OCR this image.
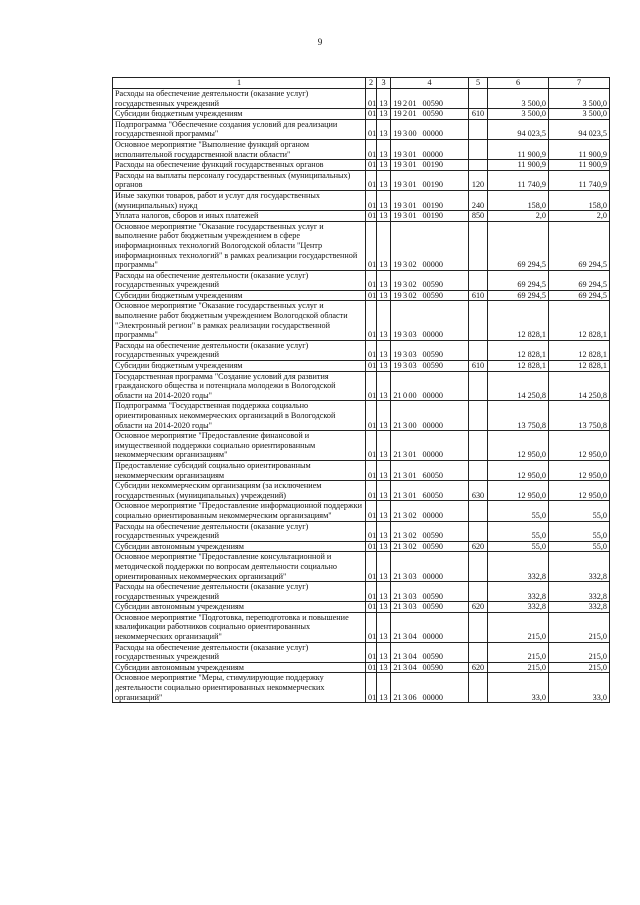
9
1	2	3	4	5	6	7
Расходы на обеспечение деятельности (оказание услуг) государственных учреждений	01	13	19201 00590		3 500,0	3 500,0
Субсидии бюджетным учреждениям	01	13	19201 00590	610	3 500,0	3 500,0
Подпрограмма "Обеспечение создания условий для реализации государственной программы"	01	13	19300 00000		94 023,5	94 023,5
Основное мероприятие "Выполнение функций органом исполнительной государственной власти области"	01	13	19301 00000		11 900,9	11 900,9
Расходы на обеспечение функций государственных органов	01	13	19301 00190		11 900,9	11 900,9
Расходы на выплаты персоналу государственных (муниципальных) органов	01	13	19301 00190	120	11 740,9	11 740,9
Иные закупки товаров, работ и услуг для государственных (муниципальных) нужд	01	13	19301 00190	240	158,0	158,0
Уплата налогов, сборов и иных платежей	01	13	19301 00190	850	2,0	2,0
Основное мероприятие "Оказание государственных услуг и выполнение работ бюджетным учреждением в сфере информационных технологий Вологодской области "Центр информационных технологий" в рамках реализации государственной программы"	01	13	19302 00000		69 294,5	69 294,5
Расходы на обеспечение деятельности (оказание услуг) государственных учреждений	01	13	19302 00590		69 294,5	69 294,5
Субсидии бюджетным учреждениям	01	13	19302 00590	610	69 294,5	69 294,5
Основное мероприятие "Оказание государственных услуг и выполнение работ бюджетным учреждением Вологодской области "Электронный регион" в рамках реализации государственной программы"	01	13	19303 00000		12 828,1	12 828,1
Расходы на обеспечение деятельности (оказание услуг) государственных учреждений	01	13	19303 00590		12 828,1	12 828,1
Субсидии бюджетным учреждениям	01	13	19303 00590	610	12 828,1	12 828,1
Государственная программа "Создание условий для развития гражданского общества и потенциала молодежи в Вологодской области на 2014-2020 годы"	01	13	21000 00000		14 250,8	14 250,8
Подпрограмма "Государственная поддержка социально ориентированных некоммерческих организаций в Вологодской области на 2014-2020 годы"	01	13	21300 00000		13 750,8	13 750,8
Основное мероприятие "Предоставление финансовой и имущественной поддержки социально ориентированным некоммерческим организациям"	01	13	21301 00000		12 950,0	12 950,0
Предоставление субсидий социально ориентированным некоммерческим организациям	01	13	21301 60050		12 950,0	12 950,0
Субсидии некоммерческим организациям (за исключением государственных (муниципальных) учреждений)	01	13	21301 60050	630	12 950,0	12 950,0
Основное мероприятие "Предоставление информационной поддержки социально ориентированным некоммерческим организациям"	01	13	21302 00000		55,0	55,0
Расходы на обеспечение деятельности (оказание услуг) государственных учреждений	01	13	21302 00590		55,0	55,0
Субсидии автономным учреждениям	01	13	21302 00590	620	55,0	55,0
Основное мероприятие "Предоставление консультационной и методической поддержки по вопросам деятельности социально ориентированных некоммерческих организаций"	01	13	21303 00000		332,8	332,8
Расходы на обеспечение деятельности (оказание услуг) государственных учреждений	01	13	21303 00590		332,8	332,8
Субсидии автономным учреждениям	01	13	21303 00590	620	332,8	332,8
Основное мероприятие "Подготовка, переподготовка и повышение квалификации работников социально ориентированных некоммерческих организаций"	01	13	21304 00000		215,0	215,0
Расходы на обеспечение деятельности (оказание услуг) государственных учреждений	01	13	21304 00590		215,0	215,0
Субсидии автономным учреждениям	01	13	21304 00590	620	215,0	215,0
Основное мероприятие "Меры, стимулирующие поддержку деятельности социально ориентированных некоммерческих организаций"	01	13	21306 00000		33,0	33,0
